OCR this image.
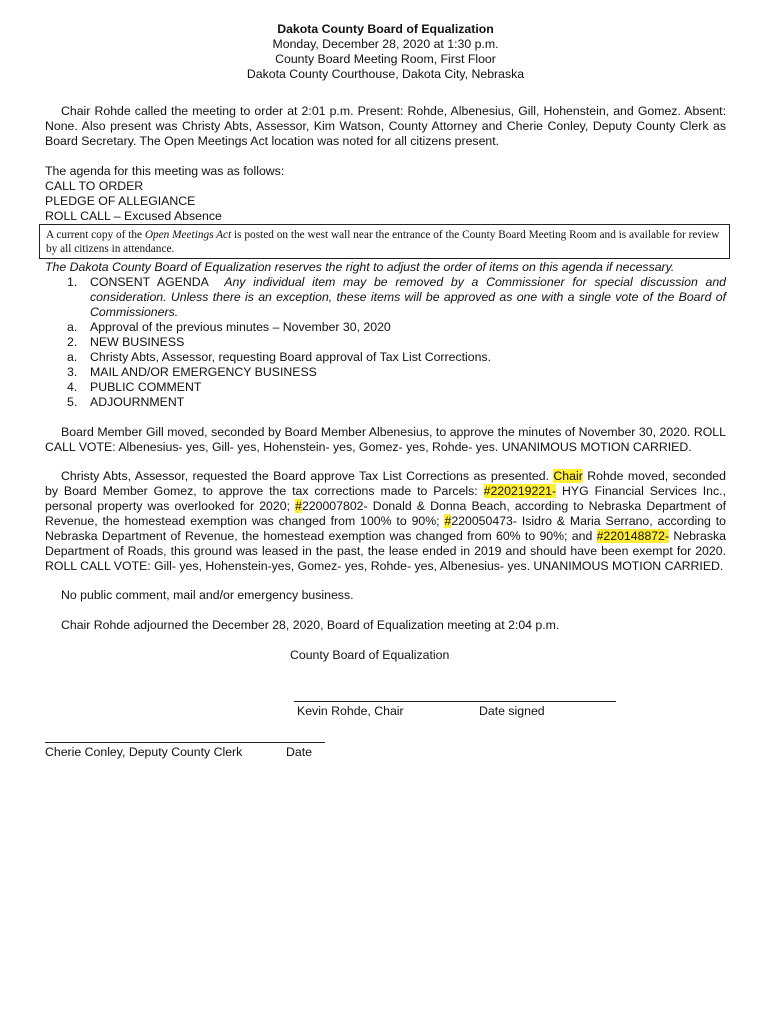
Dakota County Board of Equalization
Monday, December 28, 2020 at 1:30 p.m.
County Board Meeting Room, First Floor
Dakota County Courthouse, Dakota City, Nebraska

Chair Rohde called the meeting to order at 2:01 p.m. Present: Rohde, Albenesius, Gill, Hohenstein, and Gomez. Absent: None. Also present was Christy Abts, Assessor, Kim Watson, County Attorney and Cherie Conley, Deputy County Clerk as Board Secretary. The Open Meetings Act location was noted for all citizens present.

The agenda for this meeting was as follows:

CALL TO ORDER

PLEDGE OF ALLEGIANCE

ROLL CALL – Excused Absence

A current copy of the Open Meetings Act is posted on the west wall near the entrance of the County Board Meeting Room and is available for review by all citizens in attendance.

The Dakota County Board of Equalization reserves the right to adjust the order of items on this agenda if necessary.

1. CONSENT AGENDA Any individual item may be removed by a Commissioner for special discussion and consideration. Unless there is an exception, these items will be approved as one with a single vote of the Board of Commissioners.
a. Approval of the previous minutes – November 30, 2020
2. NEW BUSINESS
a. Christy Abts, Assessor, requesting Board approval of Tax List Corrections.
3. MAIL AND/OR EMERGENCY BUSINESS
4. PUBLIC COMMENT
5. ADJOURNMENT

Board Member Gill moved, seconded by Board Member Albenesius, to approve the minutes of November 30, 2020. ROLL CALL VOTE: Albenesius- yes, Gill- yes, Hohenstein- yes, Gomez- yes, Rohde- yes. UNANIMOUS MOTION CARRIED.

Christy Abts, Assessor, requested the Board approve Tax List Corrections as presented. Chair Rohde moved, seconded by Board Member Gomez, to approve the tax corrections made to Parcels: #220219221- HYG Financial Services Inc., personal property was overlooked for 2020; #220007802- Donald & Donna Beach, according to Nebraska Department of Revenue, the homestead exemption was changed from 100% to 90%; #220050473- Isidro & Maria Serrano, according to Nebraska Department of Revenue, the homestead exemption was changed from 60% to 90%; and #220148872- Nebraska Department of Roads, this ground was leased in the past, the lease ended in 2019 and should have been exempt for 2020. ROLL CALL VOTE: Gill- yes, Hohenstein-yes, Gomez- yes, Rohde- yes, Albenesius- yes. UNANIMOUS MOTION CARRIED.

No public comment, mail and/or emergency business.

Chair Rohde adjourned the December 28, 2020, Board of Equalization meeting at 2:04 p.m.

County Board of Equalization

Kevin Rohde, Chair	Date signed
Cherie Conley, Deputy County Clerk	Date
